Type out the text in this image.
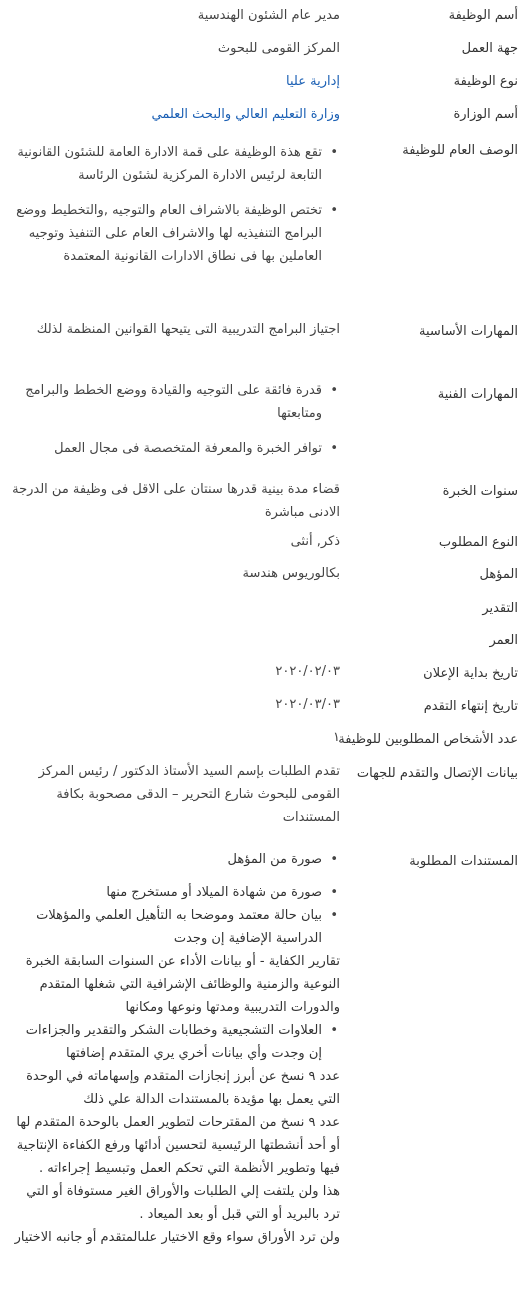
أسم الوظيفة
مدير عام الشئون الهندسية
جهة العمل
المركز القومى للبحوث
نوع الوظيفة
إدارية عليا
أسم الوزارة
وزارة التعليم العالي والبحث العلمي
الوصف العام للوظيفة
• تقع هذة الوظيفة على قمة الادارة العامة للشئون القانونية التابعة لرئيس الادارة المركزية لشئون الرئاسة
• تختص الوظيفة بالاشراف العام والتوجيه ,والتخطيط ووضع البرامج التنفيذيه لها والاشراف العام على التنفيذ وتوجيه العاملين بها فى نطاق الادارات القانونية المعتمدة
المهارات الأساسية
اجتياز البرامج التدريبية التى يتيحها القوانين المنظمة لذلك
المهارات الفنية
• قدرة فائقة على التوجيه والقيادة ووضع الخطط والبرامج ومتابعتها
• توافر الخبرة والمعرفة المتخصصة فى مجال العمل
سنوات الخبرة
قضاء مدة بينية قدرها سنتان على الاقل فى وظيفة من الدرجة الادنى مباشرة
النوع المطلوب
ذكر, أنثى
المؤهل
بكالوريوس هندسة
التقدير
العمر
تاريخ بداية الإعلان
٢٠٢٠/٠٢/٠٣
تاريخ إنتهاء التقدم
٢٠٢٠/٠٣/٠٣
عدد الأشخاص المطلوبين للوظيفة
١
بيانات الإتصال والتقدم للجهات
تقدم الطلبات بإسم السيد الأستاذ الدكتور / رئيس المركز القومى للبحوث شارع التحرير – الدقى مصحوبة بكافة المستندات
المستندات المطلوبة
• صورة من المؤهل
• صورة من شهادة الميلاد أو مستخرج منها
• بيان حالة معتمد وموضحا به التأهيل العلمي والمؤهلات الدراسية الإضافية إن وجدت

تقارير الكفاية - أو بيانات الأداء عن السنوات السابقة الخبرة النوعية والزمنية والوظائف الإشرافية التي شغلها المتقدم والدورات التدريبية ومدتها ونوعها ومكانها

• العلاوات التشجيعية وخطابات الشكر والتقدير والجزاءات إن وجدت وأي بيانات أخري يري المتقدم إضافتها

عدد ٩ نسخ عن أبرز إنجازات المتقدم وإسهاماته في الوحدة التي يعمل بها مؤيدة بالمستندات الدالة علي ذلك

عدد ٩ نسخ من المقترحات لتطوير العمل بالوحدة المتقدم لها أو أحد أنشطتها الرئيسية لتحسين أدائها ورفع الكفاءة الإنتاجية فيها وتطوير الأنظمة التي تحكم العمل وتبسيط إجراءاته .

هذا ولن يلتفت إلي الطلبات والأوراق الغير مستوفاة أو التي ترد بالبريد أو التي قبل أو بعد الميعاد .

ولن ترد الأوراق سواء وقع الاختيار علىالمتقدم أو جانبه الاختيار
